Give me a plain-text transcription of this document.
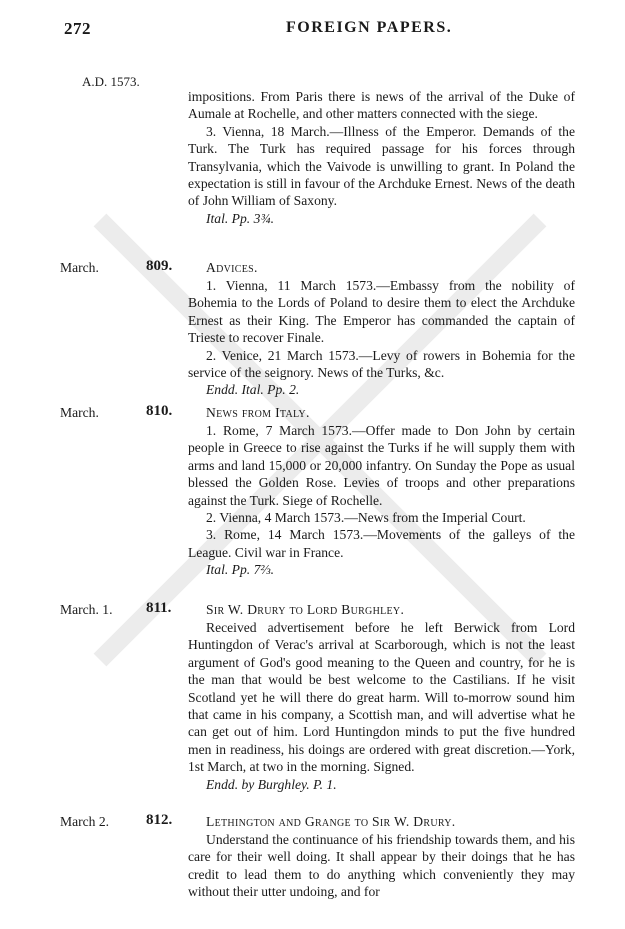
272	FOREIGN PAPERS.
A.D. 1573.

impositions. From Paris there is news of the arrival of the Duke of Aumale at Rochelle, and other matters connected with the siege.

3. Vienna, 18 March.—Illness of the Emperor. Demands of the Turk. The Turk has required passage for his forces through Transylvania, which the Vaivode is unwilling to grant. In Poland the expectation is still in favour of the Archduke Ernest. News of the death of John William of Saxony.

Ital. Pp. 3¾.

March.	809. Advices.

1. Vienna, 11 March 1573.—Embassy from the nobility of Bohemia to the Lords of Poland to desire them to elect the Archduke Ernest as their King. The Emperor has commanded the captain of Trieste to recover Finale.

2. Venice, 21 March 1573.—Levy of rowers in Bohemia for the service of the seignory. News of the Turks, &c.

Endd. Ital. Pp. 2.

March.	810. News from Italy.

1. Rome, 7 March 1573.—Offer made to Don John by certain people in Greece to rise against the Turks if he will supply them with arms and land 15,000 or 20,000 infantry. On Sunday the Pope as usual blessed the Golden Rose. Levies of troops and other preparations against the Turk. Siege of Rochelle.

2. Vienna, 4 March 1573.—News from the Imperial Court.

3. Rome, 14 March 1573.—Movements of the galleys of the League. Civil war in France.

Ital. Pp. 7⅔.

March. 1.	811.	Sir W. Drury to Lord Burghley.

Received advertisement before he left Berwick from Lord Huntingdon of Verac's arrival at Scarborough, which is not the least argument of God's good meaning to the Queen and country, for he is the man that would be best welcome to the Castilians. If he visit Scotland yet he will there do great harm. Will to-morrow sound him that came in his company, a Scottish man, and will advertise what he can get out of him. Lord Huntingdon minds to put the five hundred men in readiness, his doings are ordered with great discretion.—York, 1st March, at two in the morning. Signed.

Endd. by Burghley. P. 1.

March 2.	812. Lethington and Grange to Sir W. Drury.

Understand the continuance of his friendship towards them, and his care for their well doing. It shall appear by their doings that he has credit to lead them to do anything which conveniently they may without their utter undoing, and for
